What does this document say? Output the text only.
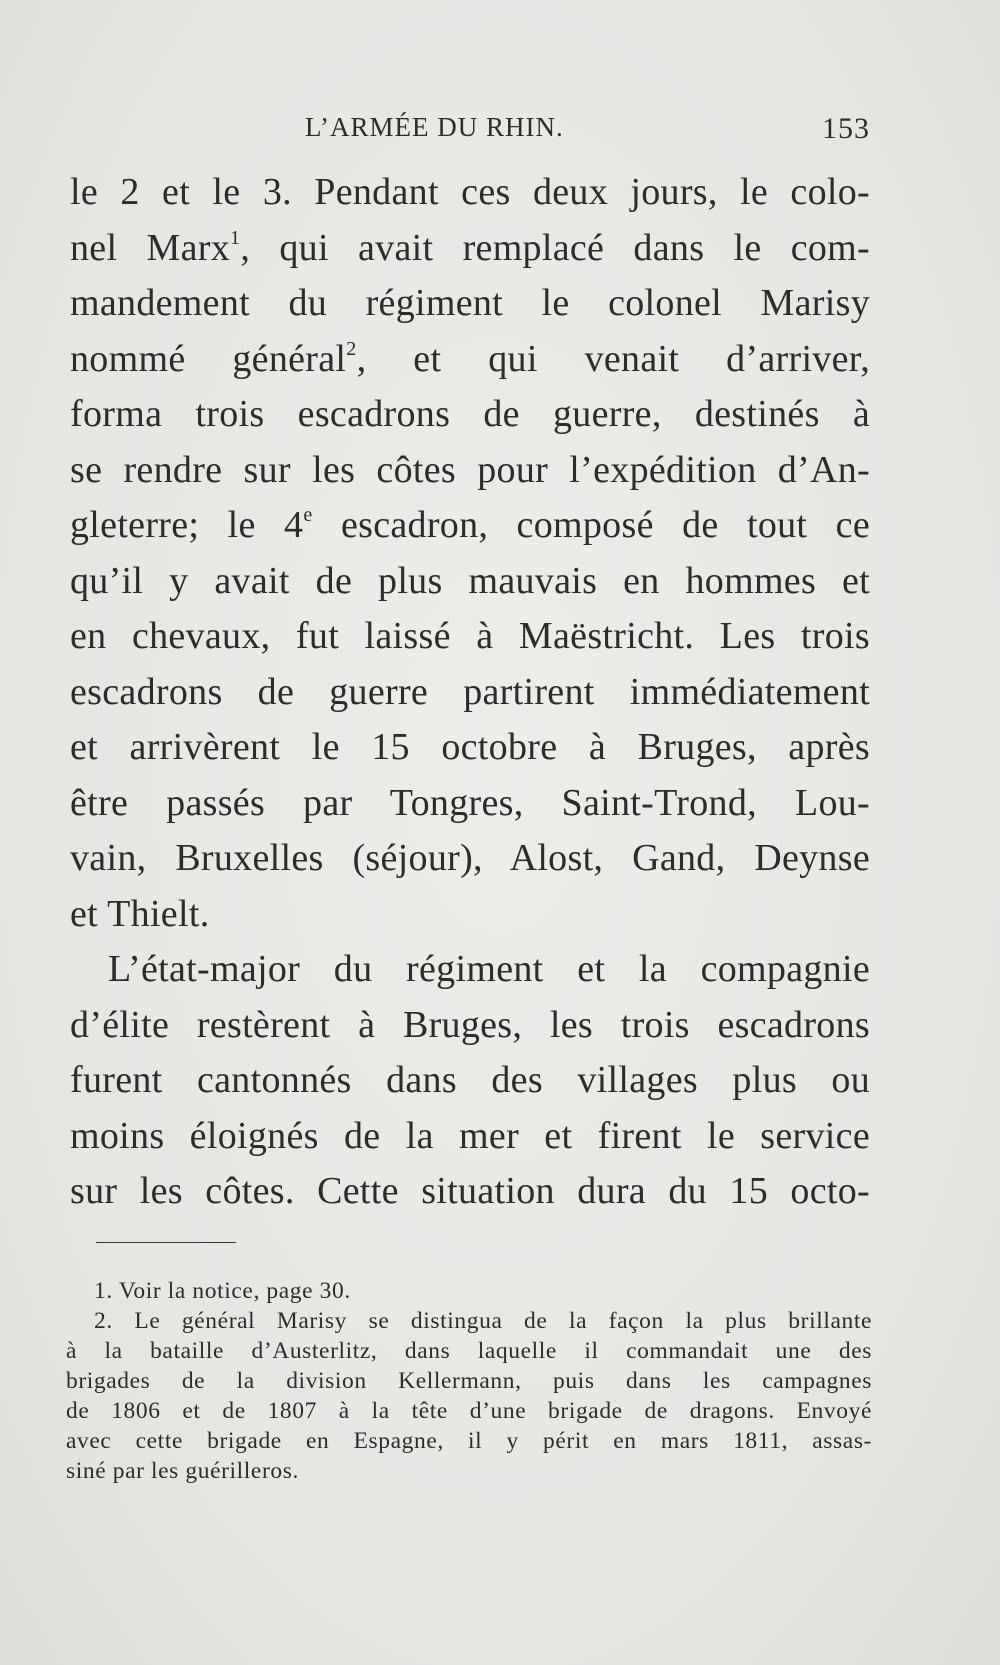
L’ARMÉE DU RHIN.	153
le 2 et le 3. Pendant ces deux jours, le colo-
nel Marx$^1$, qui avait remplacé dans le com-
mandement du régiment le colonel Marisy
nommé général$^2$, et qui venait d’arriver,
forma trois escadrons de guerre, destinés à
se rendre sur les côtes pour l’expédition d’An-
gleterre; le 4e escadron, composé de tout ce
qu’il y avait de plus mauvais en hommes et
en chevaux, fut laissé à Maëstricht. Les trois
escadrons de guerre partirent immédiatement
et arrivèrent le 15 octobre à Bruges, après
être passés par Tongres, Saint-Trond, Lou-
vain, Bruxelles (séjour), Alost, Gand, Deynse
et Thielt.
L’état-major du régiment et la compagnie
d’élite restèrent à Bruges, les trois escadrons
furent cantonnés dans des villages plus ou
moins éloignés de la mer et firent le service
sur les côtes. Cette situation dura du 15 octo-
1. Voir la notice, page 30.
2. Le général Marisy se distingua de la façon la plus brillante
à la bataille d’Austerlitz, dans laquelle il commandait une des
brigades de la division Kellermann, puis dans les campagnes
de 1806 et de 1807 à la tête d’une brigade de dragons. Envoyé
avec cette brigade en Espagne, il y périt en mars 1811, assas-
siné par les guérilleros.
